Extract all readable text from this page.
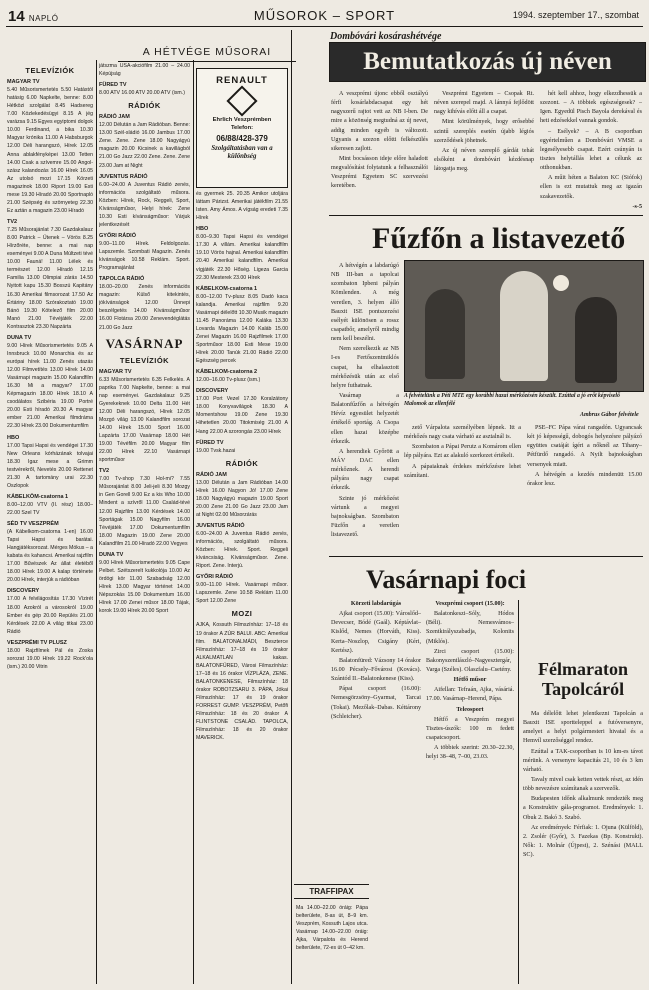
14 NAPLÓ	MŰSOROK – SPORT	1994. szeptember 17., szombat
A HÉTVÉGE MŰSORAI
TELEVÍZIÓK
MAGYAR TV
5.40 Műsorismertetés 5.50 Hatástól hatásig 6.00 Napkelte, benne: 8.00 Hétközi szolgálat 8.45 Hadsereg 7.00 Közlekedésügyi 8.15 A jég varázsa 9.15 Egyes egyiptomi dolgok 10.00 Ferdinand, a bika 10.30 Magyar krónika 11.00 A Habsburgok 12.00 Déli harangszó, Hírek 12.05 Anna ablakfényképei 13.00 Tetten 14.00 Csak a szívemre 15.00 Angol-szász kalandozás 16.00 Hírek 16.05 Az utolsó mozi 17.15 Körzeti magazinok 18.00 Riport 19.00 Esti mese 19.30 Híradó 20.00 Sportnapló 21.00 Szépség és szörnyeteg 22.30 Ez aztán a magazin 23.00 Híradó
TV2
7.25 Műsorajánlat 7.30 Gazdakalauz 8.00 Patrick – Ütenek – Vörös 8.25 Hírzőréte, benne: a mai nap eseményei 9.00 A Duna Múltzeti tévé 10.00 Fauná! 11.00 Lélek és természet 12.00 Híradó 12.15 Familia 13.00 Olimpiai zárás 14.50 Nyitott kapu 15.30 Bosszú Kapitány 16.30 Amerikai filmsorozat 17.50 Az Értáriny 18.00 Szórakoztató 19.00 Bánó 19.30 Kötelező film 20.00 Manó 21.00 Tévéjáték 22.00 Kontrasztok 23.30 Napzárta
DUNA TV
9.00 Hírek Műsorismertetés 9.05 A Innsbruck 10.00 Monarchia és az európai hírek 11.00 Zenés utazás 12.00 Filmvetítés 13.00 Hírek 14.00 Vasárnapi magazin 15.00 Kalandfilm 16.30 Mi a magyar? 17.00 Képmagazin 18.00 Hírek 18.10 A csodálatos Szibéria 19.00 Portré 20.00 Esti híradó 20.30 A magyar ember 21.00 Amerikai filmdráma 22.30 Hírek 23.00 Dokumentumfilm
HBO
17.00 Tapsi Hapsi és vendégei 17.30 New Orleans kórházának tolvajai 18.30 Igaz mese a Grimm testvérekről, Nevetés 20.00 Rettenet 21.30 A tartomány urai 22.30 Oszlopok
KÁBELKÖM-csatorna 1
8.00–12.00 VTV (II. rész) 18.00–22.00 Szel TV
SÉD TV VESZPRÉM
(A Kábelkom-csatorna 1-en) 16.00 Tapsi Hapsi és barátai. Hangjátéksorozat. Mérges Mókus – a kabata és kahancsi. Amerikai rajzfilm 17.00 Bűvészek Az állat életéből 18.00 Hírek 19.00 A kalap története 20.00 Hírek, interjúk a rádióban
DISCOVERY
17.00 A felvilágosítás 17.30 Vízirét 18.00 Azokról a városokról 19.00 Ember és gép 20.00 Repülés 21.00 Kérdések 22.00 A világ titkai 23.00 Rádió
VESZPRÉMI TV PLUSZ
18.00 Rajzfilmek Pál és Zoska sorozat 19.00 Hírek 19.22 Rock'ola (ism.) 20.00 Vitrin
játszma USA-akciófilm 21.00 – 24.00 Képújság
FÜRED TV
8.00 ATV 16.00 ATV 20.00 ATV (ism.)
RÁDIÓK
RÁDIÓ JAM
12.00 Délután a Jam Rádióban. Benne: 13.00 Szél-sládió 16.00 Jambus 17.00 Zene. Zene. Zene 18.00 Nagyágyú magazin 20.00 Kicsinek a kavillágból 21.00 Go Jazz 22.00 Zene. Zene. Zene 23.00 Jam at Night
JUVENTUS RÁDIÓ
6.00–24.00 A Juventus Rádió zenés, információs szolgáltató műsora. Közben: Hírek, Rock, Reggeli, Sport, Kívánságműsor, Helyi hírek: Zene 10.30 Esti kívánságműsor: Várjuk jelentkezését
GYŐRI RÁDIÓ
9.00–11.00 Hírek. Feldolgozás. Lapszemle. Szombati Magazin. Zenés kívánságok 10.58 Reklám. Sport. Programajánlat
TAPOLCA RÁDIÓ
18.00–20.00 Zenés információs magazin: Külső kitekintés, jókívánságok 12.00 Ünnepi beszélgetés 14.00 Kívánságműsor 16.00 Flotársa 20.00 Zenevendéglátás 21.00 Go Jazz
VASÁRNAP
TELEVÍZIÓK
MAGYAR TV
6.33 Műsorismertetés 6.35 Felkelés. A paprika 7.00 Napkelte, benne: a mai nap eseményei. Gazdakalauz 9.25 Gyerekeknek 10.00 Delta 11.00 Hét 12.00 Déli harangszó, Hírek 12.05 Mozgó világ 13.00 Kalandfilm sorozat 14.00 Hírek 15.00 Sport 16.00 Lapzárta 17.00 Vasárnap 18.00 Hét 19.00 Tévéfilm 20.00 Magyar film 22.00 Hírek 22.10 Vasárnapi sportműsor
TV2
7.00 Tv-shop 7.30 Hol-mi? 7.55 Műsorajánlat 8.00 Jeli-jeli 8.30 Mozgy in Gen Gorell 9.00 Ez a kis Who 10.00 Mindent a szívről 11.00 Család-tévé 12.00 Rajzfilm 13.00 Kérdések 14.00 Sportágak 15.00 Nagyfilm 16.00 Tévéjáték 17.00 Dokumentumfilm 18.00 Magazin 19.00 Zene 20.00 Kalandfilm 21.00 Híradó 22.00 Vegyes
DUNA TV
9.00 Hírek Műsorismertetés 9.05 Cape Pelbet. Szétszerelt kukkolója 10.00 Az ördögi kör 11.00 Szabadság 12.00 Hírek 13.00 Magyar történet 14.00 Népszokás 15.00 Dokumentum 16.00 Hírek 17.00 Zenei műsor 18.00 Tájak, korok 19.00 Hírek 20.00 Sport
RENAULT
Ehrlich Veszprémben
Telefon:
06/88/428-379
Szolgáltatásban van a különbség
és gyermek 25. 20.35 Amikor utoljára láttam Párizst. Amerikai játékfilm 21.55 Isten. Amy Ámos. A vígság eredeti 7.35 Hírek
HBO
8.00–9.30 Tapsi Hapsi és vendégei 17.30 A villám. Amerikai kalandfilm 19.10 Vörös hajnal. Amerikai kalandfilm 20.40 Amerikai kalandfilm. Amerikai vígjáték 22.30 Hőség. Ligeza Garcia 22.30 Mesterek 23.00 Hírek
KÁBELKOM-csatorna 1
8.00–12.00 Tv-plusz 8.05 Dadó kaca kalandja. Amerikai rajzfilm 9.20 Vasárnapi délelőtt 10.30 Musik magazin 11.45 Panoráma 12.00 Kaláka 13.30 Lovarda Magazin 14.00 Kaláb 15.00 Zenei Magazin 16.00 Rajzfilmek 17.00 Sportműsor 18.00 Esti Mese 19.00 Hírek 20.00 Tanúk 21.00 Rádió 22.00 Egészség percek
KÁBELKOM-csatorna 2
12.00–16.00 Tv-plusz (ism.)
DISCOVERY
17.00 Port Vezel 17.30 Koralzátony 18.00 Konyvavilágok 18.30 A Momentshow 19.00 Zene 19.30 Hihetetlen 20.00 Titokmiség 21.00 A Hang 22.00 A szorongás 23.00 Hírek
FÜRED TV
19.00 Tvsk.hazai
RÁDIÓK
RÁDIÓ JAM
13.00 Délután a Jam Rádióban 14.00 Hírek 16.00 Nagyon Jó! 17.00 Zene 18.00 Nagyágyú magazin 19.00 Sport 20.00 Zene 21.00 Go Jazz 23.00 Jam at Night 02.00 Műsorzárás
JUVENTUS RÁDIÓ
6.00–24.00 A Juventus Rádió zenés, információs, szolgáltató műsora. Közben: Hírek. Sport. Reggeli kíváncsiság. Kívánságműsor. Zene. Riport. Zene. Interjú.
GYŐRI RÁDIÓ
9.00–11.00 Hírek. Vasárnapi műsor. Lapszemle. Zene 10.58 Reklám 11.00 Sport 12.00 Zene
MOZI
AJKA, Kossuth Filmszínház: 17–18 és 19 órakor A ZÚR BALUI. ABC: Amerikai film. BALATONALMÁDI, Beszterce Filmszínház: 17–18 és 19 órakor ALKALMATLAN kakas. BALATONFÜRED, Városi Filmszínház: 17–18 és 16 órakor VÍZPLÁZA, ZENE. BALATONKENESE, Filmszínház: 18 órakor ROBOTZSARU 3. PÁPA, Jókai Filmszínház: 17 és 19 órakor FORREST GUMP. VESZPRÉM, Petőfi Filmszínház: 18 és 20 órakor A FLINTSTONE CSALÁD. TAPOLCA, Filmszínház: 18 és 20 órakor MAVERICK.
TRAFFIPAX
Ma 14.00–22.00 óráig: Pápa belterülete, 8-as út, 8–9 km. Veszprém, Kossuth Lajos utca. Vasárnap 14.00–22.00 óráig: Ajka, Várpalota és Herend belterülete, 72-es út 0–42 km.
Dombóvári kosárashétvége
Bemutatkozás új néven

A veszprémi újonc ebből osztályú férfi kosárlabdacsapat egy hét nagyszerű rajtot vett az NB I-ben. De mire a közönség megtudná az új nevet, addig minden egyéb is változott. Ugyanis a szezon előtti felkészülés sikeresen zajlott.

Mint bocsásson ideje előre haladott megvalósítást folytatunk a felhasználói Veszprémi Egyetem SC szervezési keretében.

Veszprémi Egyetem – Csopak Rt. néven szerepel majd. A lánnyá fejlődött nagy kihívás előtt áll a csapat.

Mint körülmények, hogy erősebbé szintű szereplés esetén újabb légiós szerződések jöhetnek.

Az új néven szereplő gárdát tehát elsőként a dombóvári kézdésnap látogatja meg.

hét kell ahhoz, hogy elkezdhessük a szezont. – A többiek egészségesek? – Igen. Egyedül Pisch Bayola derekával és heti edzésekkel vannak gondok.

– Esélyek? – A B csoportban egyértelműen a Dombóvári VMSE a legesélyesebb csapat. Ezért csúnyán is tisztes helytállás lehet a célunk az otthonukban.

A műit héten a Balaton KC (Siófok) ellen is ezt mutattuk meg az igazán szakavezetők.

-s-5
Fűzfőn a listavezető

A hétvégén a labdarúgó NB III-ban a tapolcai szombaton Ipbeni pályán Kömlenden. A még veretlen, 3. helyen álló Bauxit ISE pontszerzési esélyét különösen a rossz csapatbőr, amelyről mindig nem kell beszélni.

Nem szerelkezik az NB I-es Fertőszentmiklós csapat, ha elhalasztott mérkőzésük után az első helyre futhatnak.

Vasárnap a Balatonfűzfőn a hétvégén Hévíz egyesület helyzetét értékelő sportág. A Csopa ellen hazai középbe érkezik.

A herendiek Győrött a MÁV DAC ellen mérkőznek. A herendi pályára nagy csapat érkezik.

Szinte jó mérkőzést vártunk a megyei bajnokságban. Szombaton Füzfőn a veretlen listavezető.

A felvételünk a Péti MTE egy korábbi hazai mérkőzésén készült. Ezúttal a jó erőt képviselő Malomok az ellenfélé
Ambrus Gábor felvétele

zető Várpalota személyében lépnek. Itt a mérkőzés nagy csata várható az asztalnál is.

Szombaton a Pápai Perutz a Komárom ellen lép pályára. Ezt az alakuló szerkezet értékeli.

A pápaiaknak érdekes mérkőzésre lehet számítani.

PSE–FC Pápa várai rangadón. Ugyancsak két jó képességű, dobogós helyezésre pályázó együttes csatáját ígéri a nőknél az Tihany–Pétfürdő rangadó. A Nyilt bajnokságban versenyek miatt.

A hétvégén a kezdés mindenütt 15.00 órakor lesz.

Vasárnapi foci

Körzeti labdarúgás

Ajkai csoport (15.00): Városlőd–Devecser, Bódé (Gaál). Képtávlat–Kislőd, Nemes (Horváth, Kiss). Kerta–Noszlop, Csigány (Kéri, Kertész).

Balatonfüred: Vázsony 14 órakor 16.00 Pécsely–Fővárosi (Kovács). Szántód II.–Balatonkenese (Kiss).

Pápai csoport (16.00): Nemesgörzsöny–Gyarmat, Tarcai (Tokai). Mezőlak–Dabas. Kéttárony (Schleicher).

Veszprémi csoport (15.00):

Balatonkeszi–Sóly, Hódos (Béli). Nemesvámos–Szentkirályszabadja, Kolonits (Miklós).

Zirci csoport (15.00): Bakonyszentlászló–Nagyesztergár, Varga (Széles). Olaszfalu–Csetény.

Hétfő műsor

Aifellan: Tefraán, Ajka, vásáriá. 17.00. Vasárnap–Herend, Pápa.

Teleosport

Hétfő a Veszprém megyei Tisztes-úszók: 100 m fedett csapatcsoport.

A többiek szerint: 20.30–22.30, helyi 38–48, 7–00, 23.03.

Félmaraton Tapolcáról

Ma délelőtt lehet jelentkezni Tapolcán a Bauxit ISE sportteleppel a futóversenyre, amelyet a helyi polgármesteri hivatal és a Hemvíl szerzőséggel rendez.

Ezúttal a TAK-csoportban is 10 km-es távot mérünk. A versenyre kapacitás 21, 10 és 3 km várható.

Tavaly mivel csak ketten vettek részt, az idén több nevezésre számítanak a szervezők.

Budapesten időnk alkalmunk rendezték meg a Konstruktiv gála-programot. Eredmények: 1. Obuk 2. Bakó 3. Szabó.

Az eredmények: Férfiak: 1. Ojuna (Külföld), 2. Zsolér (Győr), 3. Fazekas (Bp. Konstrukt). Nők: 1. Molnár (Újpest), 2. Szénási (MALL SC).
